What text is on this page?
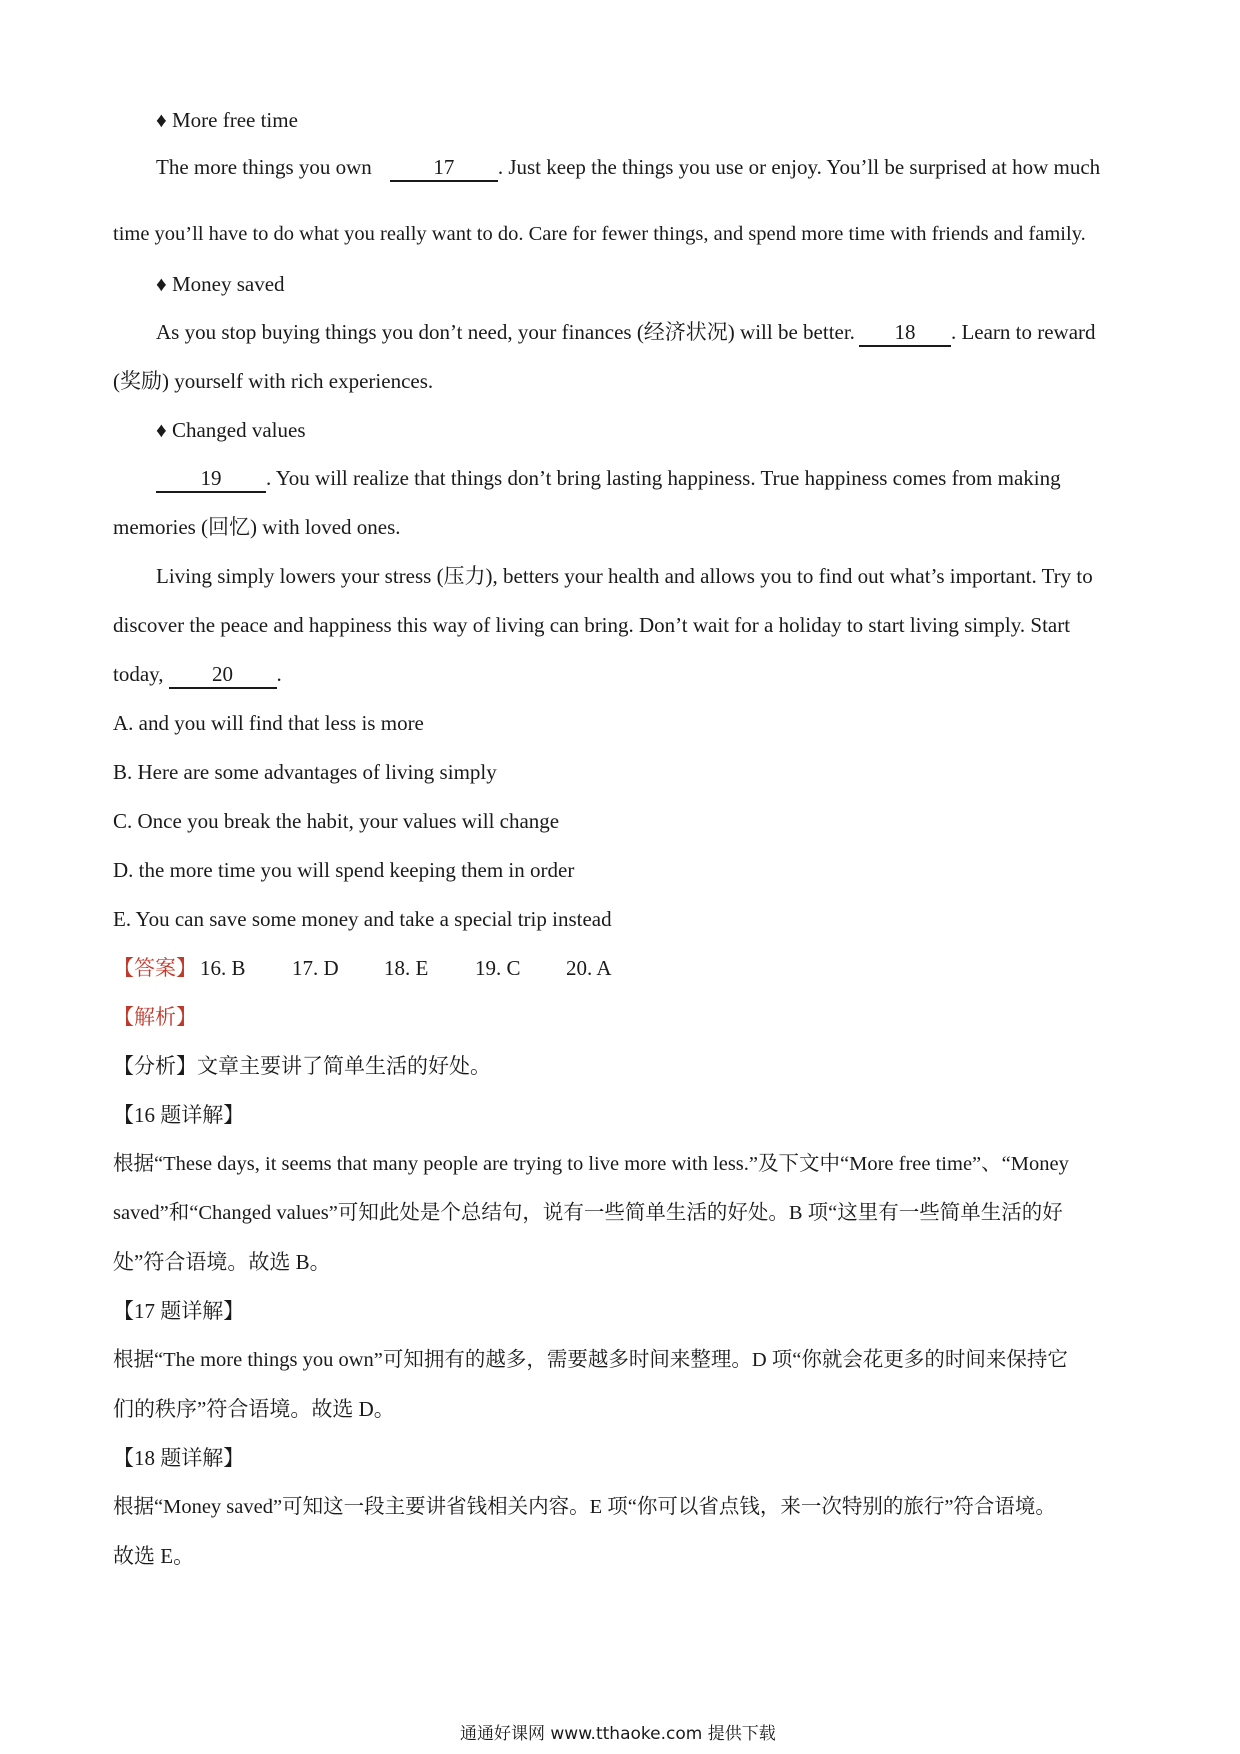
♦ More free time
The more things you own	17 . Just keep the things you use or enjoy. You’ll be surprised at how much
time you’ll have to do what you really want to do. Care for fewer things, and spend more time with friends and family.
♦ Money saved
As you stop buying things you don’t need, your finances (经济状况) will be better. 18 . Learn to reward
(奖励) yourself with rich experiences.
♦ Changed values
19 . You will realize that things don’t bring lasting happiness. True happiness comes from making
memories (回忆) with loved ones.
Living simply lowers your stress (压力), betters your health and allows you to find out what’s important. Try to
discover the peace and happiness this way of living can bring. Don’t wait for a holiday to start living simply. Start
today, 20 .
A. and you will find that less is more
B. Here are some advantages of living simply
C. Once you break the habit, your values will change
D. the more time you will spend keeping them in order
E. You can save some money and take a special trip instead
【答案】 16. B 17. D 18. E 19. C 20. A
【解析】
【分析】文章主要讲了简单生活的好处。
【16 题详解】
根据“These days, it seems that many people are trying to live more with less.”及下文中“More free time”、“Money
saved”和“Changed values”可知此处是个总结句，说有一些简单生活的好处。B 项“这里有一些简单生活的好
处”符合语境。故选 B。
【17 题详解】
根据“The more things you own”可知拥有的越多，需要越多时间来整理。D 项“你就会花更多的时间来保持它
们的秩序”符合语境。故选 D。
【18 题详解】
根据“Money saved”可知这一段主要讲省钱相关内容。E 项“你可以省点钱，来一次特别的旅行”符合语境。
故选 E。
通通好课网 www.tthaoke.com 提供下载
